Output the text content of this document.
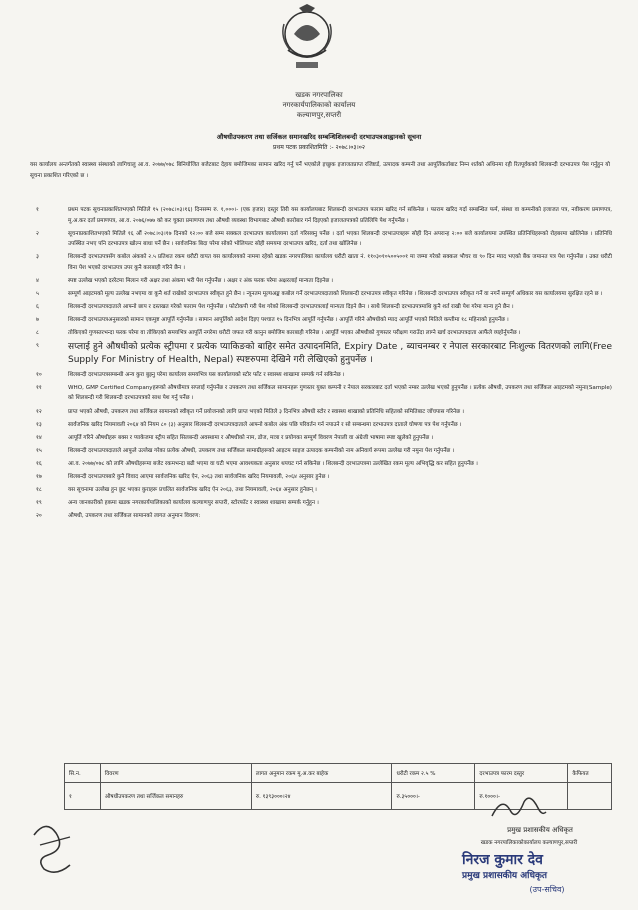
खडक नगरपालिका
नगरकार्यपालिकाको कार्यालय
कल्याणपुर,सप्तरी
औषधीउपकरण तथा सर्जिकल समानखरिद सम्बन्धिशिलबन्दी दरभाउपत्रआह्वानको सूचना
प्रथम पटक प्रकाशितमिति :- २०७८।०३।०२
यस कार्यालय अन्तर्गतको स्वास्थ्य संस्थाको लागिचालु आ.व. २०७७/०७८ बिनियोजित बजेटबाट देहाय बमोजिमका सामान खरिद गर्नु पर्ने भएकोले इच्छुक इजाजतप्राप्त रजिष्टर्ड, उत्पादक कम्पनी तथा आपूर्तिकर्ताबाट निम्न शर्तको अधिनमा रही रितपूर्वकको शिलबन्दी दरभाउपत्र पेस गर्नुहुन यो सूचना प्रकाशित गरिएको छ ।
१	प्रथम पटक सूचनाप्रकाशितभएको मितिले १५ (२०७८।०३।१६) दिनसम्म रु. १,०००।- (एक हजार) दस्तुर तिरी यस कार्यालयबाट शिलबन्दी दरभाउपत्र फाराम खरिद गर्न सकिनेछ । फाराम खरिद गर्दा सम्बन्धित फर्म, संस्था वा कम्पनीको इजाजत पत्र, नवीकरण प्रमाणपत्र, मू.अ.कर दर्ता प्रमाणपत्र, आ.व. २०७६/०७७ को कर चुक्ता प्रमाणपत्र तथा औषधी व्यवस्था विभागबाट औषधी कारोबार गर्न दिइएको इजाजतपत्रको प्रतिलिपि पेश गर्नुपर्नेछ ।
२	सूचनाप्रकाशितभएको मितिले १६ औं २०७८।०३।१७ दिनको १२:०० बजे सम्म सक्कल दरभाउपत्र कार्यालयमा दर्ता गरिसक्नु पर्नेछ । दर्ता भएका शिलबन्दी दरभाउपत्रहरू सोही दिन अपरान्ह २:०० बजे कार्यालयमा उपस्थित प्रतिनिधिहरूको रोहबरमा खोलिनेछ । प्रतिनिधि उपस्थित नभए पनि दरभाउपत्र खोल्न बाधा पर्ने छैन । सार्वजनिक बिदा परेमा सोको भोलिपल्ट सोही समयमा दरभाउपत्र खरिद, दर्ता तथा खोलिनेछ ।
३	शिलबन्दी दरभाउपत्रसँग कबोल अंकको २.५ प्रतिशत रकम धरौटी वापत यस कार्यालयको नाममा रहेको खडक नगरपालिका कार्यालय धरौटी खाता नं. ११०३०१०५००५००१ मा जम्मा गरेको सक्कल भौचर वा ९० दिन म्याद भएको बैंक जमानत पत्र पेश गर्नुपर्नेछ । उक्त धरौटी विना पेश भएको दरभाउपत्र उपर कुनै कारबाही गरिने छैन ।
४	स्पष्ट उल्लेख भएको दररेटमा मिलान गरी अक्षर तथा अंकमा भरी पेश गर्नुपर्नेछ । अक्षर र अंक फरक परेमा अक्षरलाई मान्यता दिइनेछ ।
५	सम्पूर्ण आइटमको मूल्य उल्लेख नभएमा वा कुनै शर्त राखेको दरभाउपत्र स्वीकृत हुने छैन । न्यूनतम मूल्यअङ्क कबोल गर्ने दरभाउपत्रदाताको शिलबन्दी दरभाउपत्र स्वीकृत गरिनेछ । शिलबन्दी दरभाउपत्र स्वीकृत गर्ने वा नगर्ने सम्पूर्ण अधिकार यस कार्यालयमा सुरक्षित रहने छ ।
६	शिलबन्दी दरभाउपत्रदाताले आफ्नो छाप र दस्तखत गरेको फाराम पेश गर्नुपर्नेछ । फोटोकपी गरी पेश गरेको शिलबन्दी दरभाउपत्रलाई मान्यता दिइने छैन । साथै शिलबन्दी दरभाउपत्रमाथि कुनै शर्त राखी पेश गरेमा मान्य हुने छैन ।
७	शिलबन्दी दरभाउपत्रअनुसारको सामान एकमुष्ट आपूर्ति गर्नुपर्नेछ । सामान आपूर्तिको आदेश दिइए पश्चात १५ दिनभित्र आपूर्ति गर्नुपर्नेछ । आपूर्ति गरिने औषधीको म्याद आपूर्ति भएको मितिले कम्तीमा १८ महिनाको हुनुपर्नेछ ।
८	तोकिएको गुणस्तरभन्दा फरक परेमा वा तोकिएको समयभित्र आपूर्ति नगरेमा धरौटी जफत गरी कानुन बमोजिम कारबाही गरिनेछ । आपूर्ति भएका औषधीको गुणस्तर परीक्षण गराउँदा लाग्ने खर्च दरभाउपत्रदाता आफैंले व्यहोर्नुपर्नेछ ।
९	सप्लाई हुने औषधीको प्रत्येक स्ट्रीपमा र प्रत्येक प्याकिङको बाहिर समेत उत्पादनमिति, Expiry Date , ब्याचनम्बर र नेपाल सरकारबाट निःशुल्क वितरणको लागि(Free Supply For Ministry of Health, Nepal) स्पष्टरुपमा देखिने गरी लेखिएको हुनुपर्नेछ ।
१०	शिलबन्दी दरभाउपत्रसम्बन्धी अन्य कुरा बुझ्नु परेमा कार्यालय समयभित्र यस कार्यालयको स्टोर फाँट र स्वास्थ्य शाखामा सम्पर्क गर्न सकिनेछ ।
११	WHO, GMP Certified Companyहरूको औषधीमात्र सप्लाई गर्नुपर्नेछ र उपकरण तथा सर्जिकल सामानहरू गुणस्तर युक्त कम्पनी र नेपाल सरकारबाट दर्ता भएको नम्बर उल्लेख भएको हुनुपर्नेछ । प्रत्येक औषधी, उपकरण तथा सर्जिकल आइटमको नमुना(Sample) को शिलबन्दी गरी शिलबन्दी दरभाउपत्रको साथ पेश गर्नु पर्नेछ ।
१२	प्राप्त भएको औषधी, उपकरण तथा सर्जिकल सामानको स्वीकृत गर्ने प्रयोजनको लागि प्राप्त भएको मितिले ३ दिनभित्र औषधी स्टोर र स्वास्थ्य शाखाको प्रतिनिधि सहितको समितिबाट जाँचपास गरिनेछ ।
१३	सार्वजनिक खरिद नियमावली २०६४ को नियम ८० (३) अनुसार शिलबन्दी दरभाउपत्रदाताले आफ्नो कबोल अंक पछि परिवर्तन गर्न नपाउने र सो सम्बन्धमा दरभाउपत्र दाताले घोषणा पत्र पेश गर्नुपर्नेछ ।
१४	आपूर्ति गरिने औषधीहरू बक्स र प्याकेजमा स्ट्रीप सहित सिलबन्दी अवस्थामा र औषधीको नाम, डोज, मात्रा र प्रयोगका सम्पूर्ण विवरण नेपाली वा अंग्रेजी भाषामा स्पष्ट खुलेको हुनुपर्नेछ ।
१५	शिलबन्दी दरभाउपत्रदाताले आफूले उल्लेख गरेका प्रत्येक औषधी, उपकरण तथा सर्जिकल सामाग्रीहरूको आइटम साइज उत्पादक कम्पनीको नाम अनिवार्य रूपमा उल्लेख गरी नमुना पेश गर्नुपर्नेछ ।
१६	आ.व. २०७७/०७८ को लागि औषधीहरूमा बजेट रकमभन्दा बढी भएमा वा घटी भएमा आवश्यकता अनुसार थपघट गर्न सकिनेछ । शिलबन्दी दरभाउपत्रमा उल्लेखित रकम मूल्य अभिवृद्धि कर सहित हुनुपर्नेछ ।
१७	शिलबन्दी दरभाउपत्रबारे कुनै विवाद आएमा सार्वजनिक खरिद ऐन, २०६३ तथा सार्वजनिक खरिद नियमावली, २०६४ अनुसार हुनेछ ।
१८	यस सूचनामा उल्लेख हुन छुट भएका कुराहरू प्रचलित सार्वजनिक खरिद ऐन २०६३, तथा नियमावली, २०६४ अनुसार हुनेछन् ।
१९	अन्य जानकारीको हकमा खडक नगरकार्यपालिकाको कार्यालय कल्याणपुर सप्तरी, स्टोरफाँट र स्वास्थ्य शाखामा सम्पर्क गर्नुहुन ।
२०	औषधी, उपकरण तथा सर्जिकल सामानको लागत अनुमान विवरण:
सि.न.	विवरण	लागत अनुमान रकम मू.अ.कर बाहेक	धरौटी रकम २.५ %	दरभाउपत्र फारम दस्तुर	कैफियत
१	औषधीउपकरण तथा सर्जिकल समानहरु	रु. १३९३०००।२४	रु.३५०००।-	रु.१०००।-	
प्रमुख प्रशासकीय अधिकृत
खडक नगरपालिकाकोकार्यालय कल्याणपुर,सप्तरी
निरज कुमार देव
प्रमुख प्रशासकीय अधिकृत
(उप-सचिव)
